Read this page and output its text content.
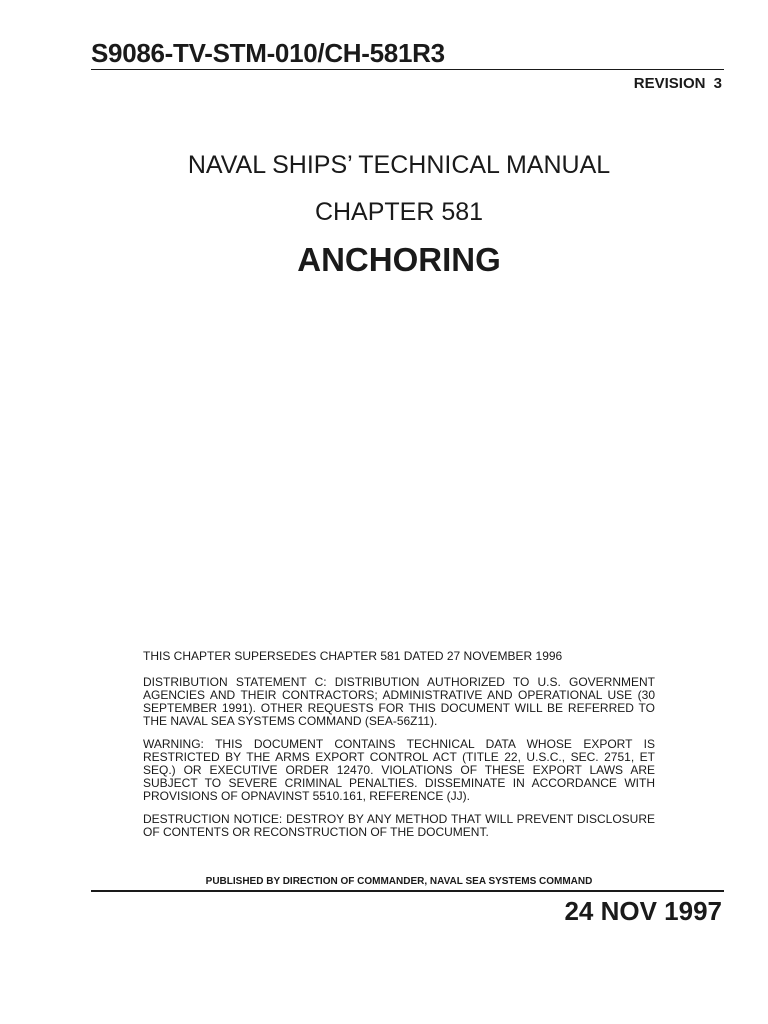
S9086-TV-STM-010/CH-581R3
REVISION 3
NAVAL SHIPS’ TECHNICAL MANUAL
CHAPTER 581
ANCHORING

THIS CHAPTER SUPERSEDES CHAPTER 581 DATED 27 NOVEMBER 1996

DISTRIBUTION STATEMENT C: DISTRIBUTION AUTHORIZED TO U.S. GOVERNMENT AGENCIES AND THEIR CONTRACTORS; ADMINISTRATIVE AND OPERATIONAL USE (30 SEPTEMBER 1991). OTHER REQUESTS FOR THIS DOCUMENT WILL BE REFERRED TO THE NAVAL SEA SYSTEMS COMMAND (SEA-56Z11).

WARNING: THIS DOCUMENT CONTAINS TECHNICAL DATA WHOSE EXPORT IS RESTRICTED BY THE ARMS EXPORT CONTROL ACT (TITLE 22, U.S.C., SEC. 2751, ET SEQ.) OR EXECUTIVE ORDER 12470. VIOLATIONS OF THESE EXPORT LAWS ARE SUBJECT TO SEVERE CRIMINAL PENALTIES. DISSEMINATE IN ACCORDANCE WITH PROVISIONS OF OPNAVINST 5510.161, REFERENCE (JJ).

DESTRUCTION NOTICE: DESTROY BY ANY METHOD THAT WILL PREVENT DISCLOSURE OF CONTENTS OR RECONSTRUCTION OF THE DOCUMENT.

PUBLISHED BY DIRECTION OF COMMANDER, NAVAL SEA SYSTEMS COMMAND
24 NOV 1997
